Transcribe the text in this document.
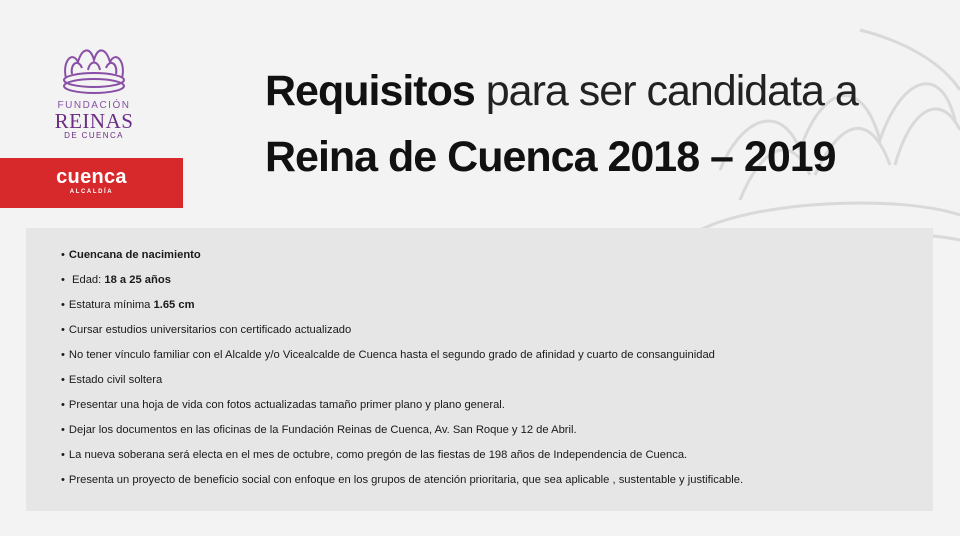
FUNDACIÓN
REINAS
DE CUENCA
cuenca
ALCALDÍA
Requisitos para ser candidata a
Reina de Cuenca 2018 – 2019
• Cuencana de nacimiento
• Edad: 18 a 25 años
• Estatura mínima 1.65 cm
• Cursar estudios universitarios con certificado actualizado
• No tener vínculo familiar con el Alcalde y/o Vicealcalde de Cuenca hasta el segundo grado de afinidad y cuarto de consanguinidad
• Estado civil soltera
• Presentar una hoja de vida con fotos actualizadas tamaño primer plano y plano general.
• Dejar los documentos en las oficinas de la Fundación Reinas de Cuenca, Av. San Roque y 12 de Abril.
• La nueva soberana será electa en el mes de octubre, como pregón de las fiestas de 198 años de Independencia de Cuenca.
• Presenta un proyecto de beneficio social con enfoque en los grupos de atención prioritaria, que sea aplicable , sustentable y justificable.
